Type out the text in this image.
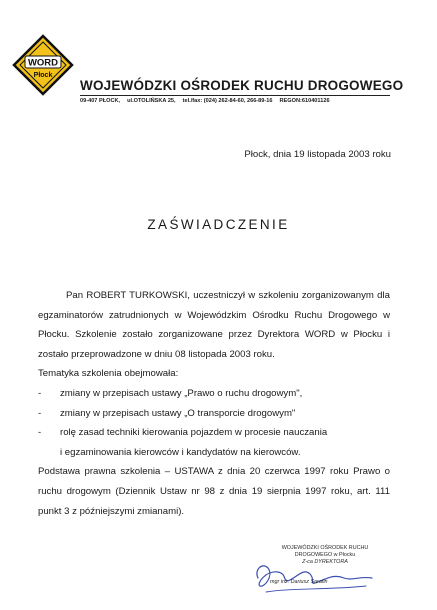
WORD
Płock
WOJEWÓDZKI OŚRODEK RUCHU DROGOWEGO
09-407 PŁOCK, ul.OTOLIŃSKA 25, tel./fax: (024) 262-84-60, 266-89-16 REGON:610401126
Płock, dnia 19 listopada 2003 roku
ZAŚWIADCZENIE

Pan ROBERT TURKOWSKI, uczestniczył w szkoleniu zorganizowanym dla egzaminatorów zatrudnionych w Wojewódzkim Ośrodku Ruchu Drogowego w Płocku. Szkolenie zostało zorganizowane przez Dyrektora WORD w Płocku i zostało przeprowadzone w dniu 08 listopada 2003 roku.

Tematyka szkolenia obejmowała:

-	zmiany w przepisach ustawy „Prawo o ruchu drogowym",

-	zmiany w przepisach ustawy „O transporcie drogowym"

-	rolę zasad techniki kierowania pojazdem w procesie nauczania

i egzaminowania kierowców i kandydatów na kierowców.

Podstawa prawna szkolenia – USTAWA z dnia 20 czerwca 1997 roku Prawo o ruchu drogowym (Dziennik Ustaw nr 98 z dnia 19 sierpnia 1997 roku, art. 111 punkt 3 z późniejszymi zmianami).

WOJEWÓDZKI OŚRODEK RUCHU
DROGOWEGO w Płocku
Z-ca DYREKTORA
mgr inż. Dariusz Sarafin
